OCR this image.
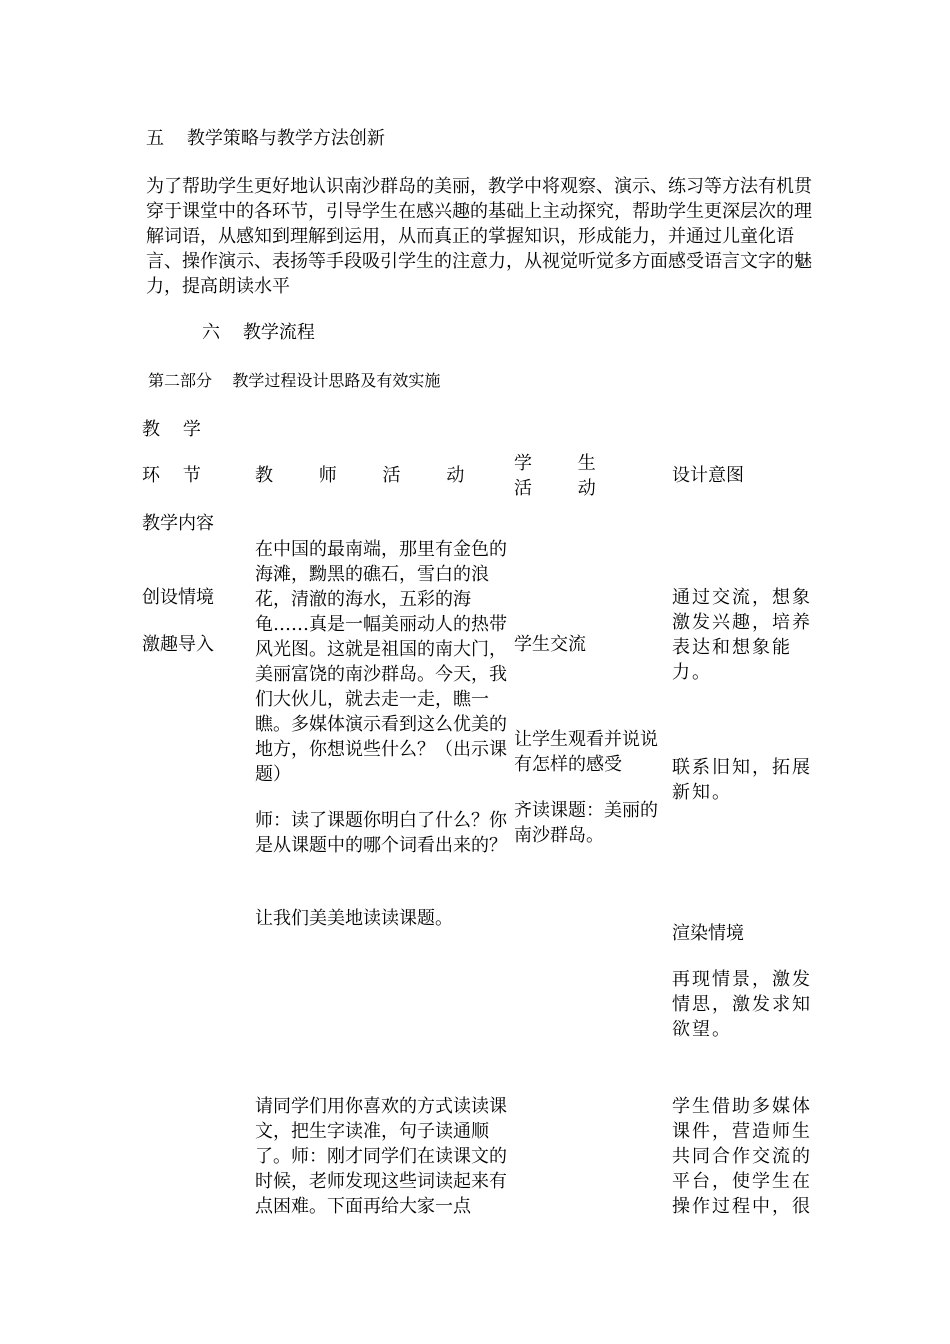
五    教学策略与教学方法创新

为了帮助学生更好地认识南沙群岛的美丽，教学中将观察、演示、练习等方法有机贯穿于课堂中的各环节，引导学生在感兴趣的基础上主动探究，帮助学生更深层次的理解词语，从感知到理解到运用，从而真正的掌握知识，形成能力，并通过儿童化语言、操作演示、表扬等手段吸引学生的注意力，从视觉听觉多方面感受语言文字的魅力，提高朗读水平

六    教学流程

第二部分    教学过程设计思路及有效实施

教    学

环    节

教学内容

教        师        活        动

学        生

活        动

设计意图

创设情境

激趣导入

在中国的最南端，那里有金色的海滩，黝黑的礁石，雪白的浪花，清澈的海水，五彩的海龟……真是一幅美丽动人的热带风光图。这就是祖国的南大门，美丽富饶的南沙群岛。今天，我们大伙儿，就去走一走，瞧一瞧。多媒体演示看到这么优美的地方，你想说些什么？（出示课题）

师：读了课题你明白了什么？你是从课题中的哪个词看出来的？

让我们美美地读读课题。

请同学们用你喜欢的方式读读课文，把生字读准，句子读通顺了。师：刚才同学们在读课文的时候，老师发现这些词读起来有点困难。下面再给大家一点

学生交流

让学生观看并说说有怎样的感受

齐读课题：美丽的南沙群岛。

通过交流，想象激发兴趣，培养表达和想象能力。

联系旧知，拓展新知。

渲染情境

再现情景，激发情思，激发求知欲望。

学生借助多媒体课件，营造师生共同合作交流的平台，使学生在操作过程中，很
